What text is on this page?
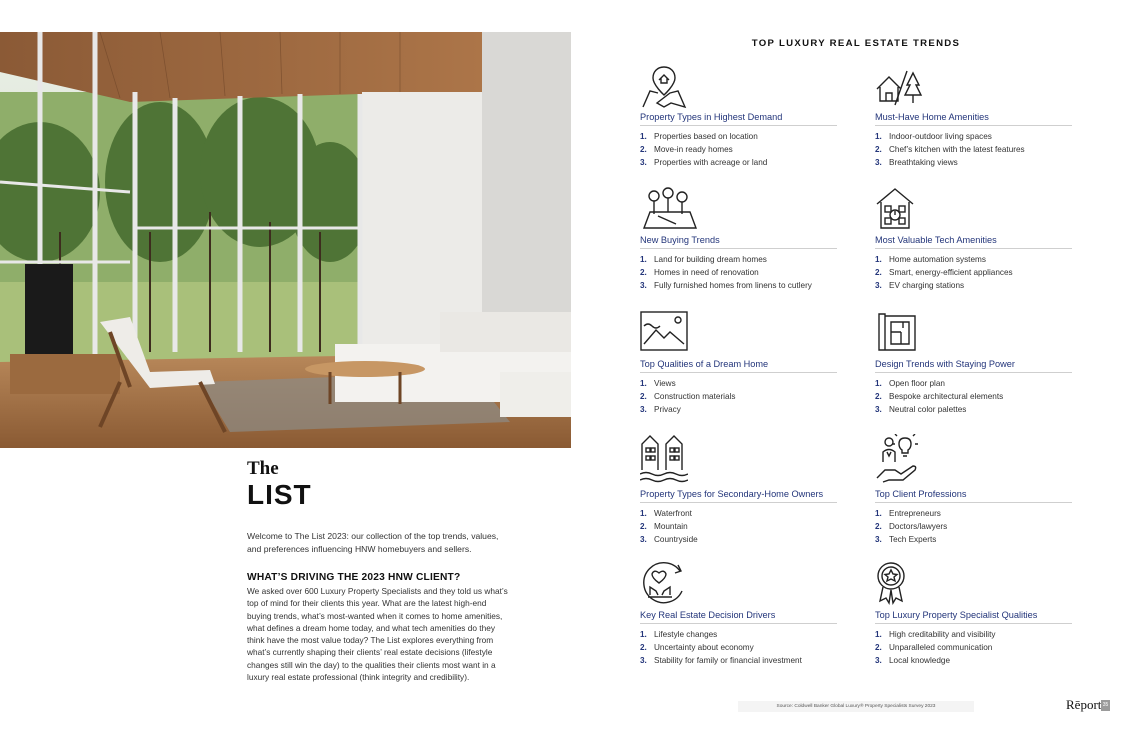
The
LIST
Welcome to The List 2023: our collection of the top trends, values, and preferences influencing HNW homebuyers and sellers.
WHAT’S DRIVING THE 2023 HNW CLIENT?
We asked over 600 Luxury Property Specialists and they told us what’s top of mind for their clients this year. What are the latest high-end buying trends, what’s most-wanted when it comes to home amenities, what defines a dream home today, and what tech amenities do they think have the most value today? The List explores everything from what’s currently shaping their clients’ real estate decisions (lifestyle changes still win the day) to the qualities their clients most want in a luxury real estate professional (think integrity and credibility).
TOP LUXURY REAL ESTATE TRENDS
Property Types in Highest Demand
1. Properties based on location
2. Move-in ready homes
3. Properties with acreage or land
Must-Have Home Amenities
1. Indoor-outdoor living spaces
2. Chef’s kitchen with the latest features
3. Breathtaking views
New Buying Trends
1. Land for building dream homes
2. Homes in need of renovation
3. Fully furnished homes from linens to cutlery
Most Valuable Tech Amenities
1. Home automation systems
2. Smart, energy-efficient appliances
3. EV charging stations
Top Qualities of a Dream Home
1. Views
2. Construction materials
3. Privacy
Design Trends with Staying Power
1. Open floor plan
2. Bespoke architectural elements
3. Neutral color palettes
Property Types for Secondary-Home Owners
1. Waterfront
2. Mountain
3. Countryside
Top Client Professions
1. Entrepreneurs
2. Doctors/lawyers
3. Tech Experts
Key Real Estate Decision Drivers
1. Lifestyle changes
2. Uncertainty about economy
3. Stability for family or financial investment
Top Luxury Property Specialist Qualities
1. High creditability and visibility
2. Unparalleled communication
3. Local knowledge
Source: Coldwell Banker Global Luxury® Property Specialists Survey 2023	Rēport 35
